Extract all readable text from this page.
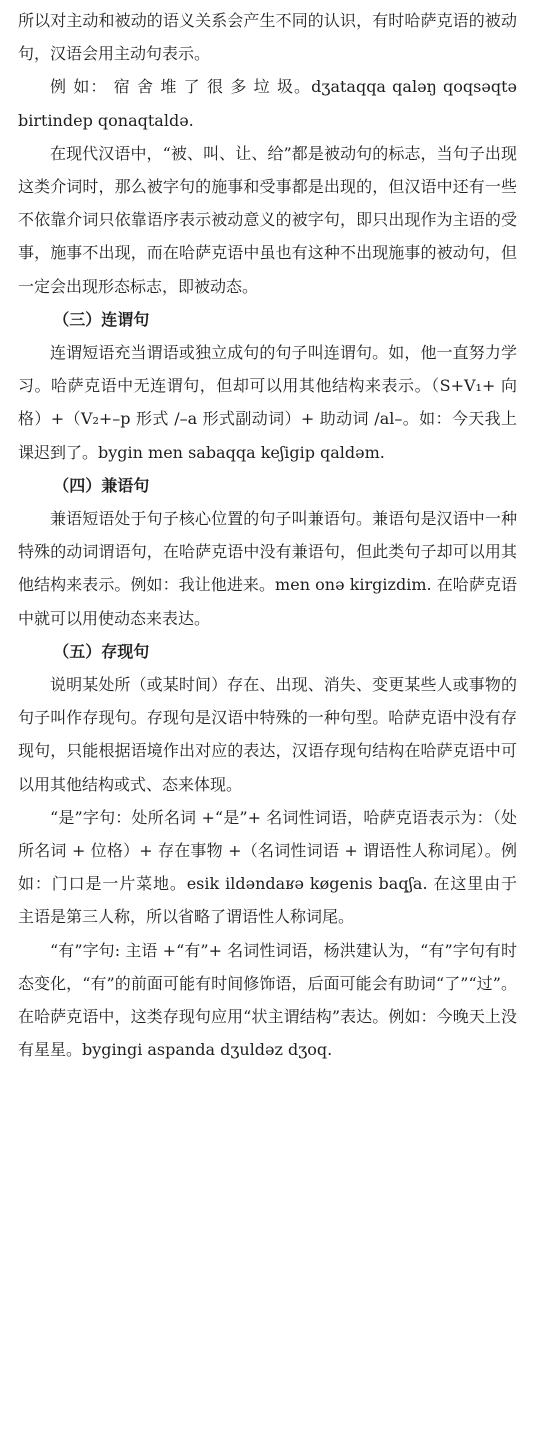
所以对主动和被动的语义关系会产生不同的认识，有时哈萨克语的被动句，汉语会用主动句表示。
例 如： 宿 舍 堆 了 很 多 垃 圾。dʒataqqa qaləŋ qoqsəqtə birtindep qonaqtaldə.
在现代汉语中，“被、叫、让、给”都是被动句的标志，当句子出现这类介词时，那么被字句的施事和受事都是出现的，但汉语中还有一些不依靠介词只依靠语序表示被动意义的被字句，即只出现作为主语的受事，施事不出现，而在哈萨克语中虽也有这种不出现施事的被动句，但一定会出现形态标志，即被动态。
（三）连谓句
连谓短语充当谓语或独立成句的句子叫连谓句。如，他一直努力学习。哈萨克语中无连谓句，但却可以用其他结构来表示。（S+V₁+ 向格）+（V₂+–p 形式 /–a 形式副动词）+ 助动词 /al–。如：今天我上课迟到了。bygin men sabaqqa keʃigip qaldəm.
（四）兼语句
兼语短语处于句子核心位置的句子叫兼语句。兼语句是汉语中一种特殊的动词谓语句，在哈萨克语中没有兼语句，但此类句子却可以用其他结构来表示。例如：我让他进来。men onə kirgizdim. 在哈萨克语中就可以用使动态来表达。
（五）存现句
说明某处所（或某时间）存在、出现、消失、变更某些人或事物的句子叫作存现句。存现句是汉语中特殊的一种句型。哈萨克语中没有存现句，只能根据语境作出对应的表达，汉语存现句结构在哈萨克语中可以用其他结构或式、态来体现。
“是”字句：处所名词 +“是”+ 名词性词语，哈萨克语表示为：（处所名词 + 位格）+ 存在事物 +（名词性词语 + 谓语性人称词尾）。例如：门口是一片菜地。esik ildəndaʁə køgenis baqʃa. 在这里由于主语是第三人称，所以省略了谓语性人称词尾。
“有”字句: 主语 +“有”+ 名词性词语，杨洪建认为，“有”字句有时态变化，“有”的前面可能有时间修饰语，后面可能会有助词“了”“过”。在哈萨克语中，这类存现句应用“状主谓结构”表达。例如：今晚天上没有星星。bygingi aspanda dʒuldəz dʒoq.
